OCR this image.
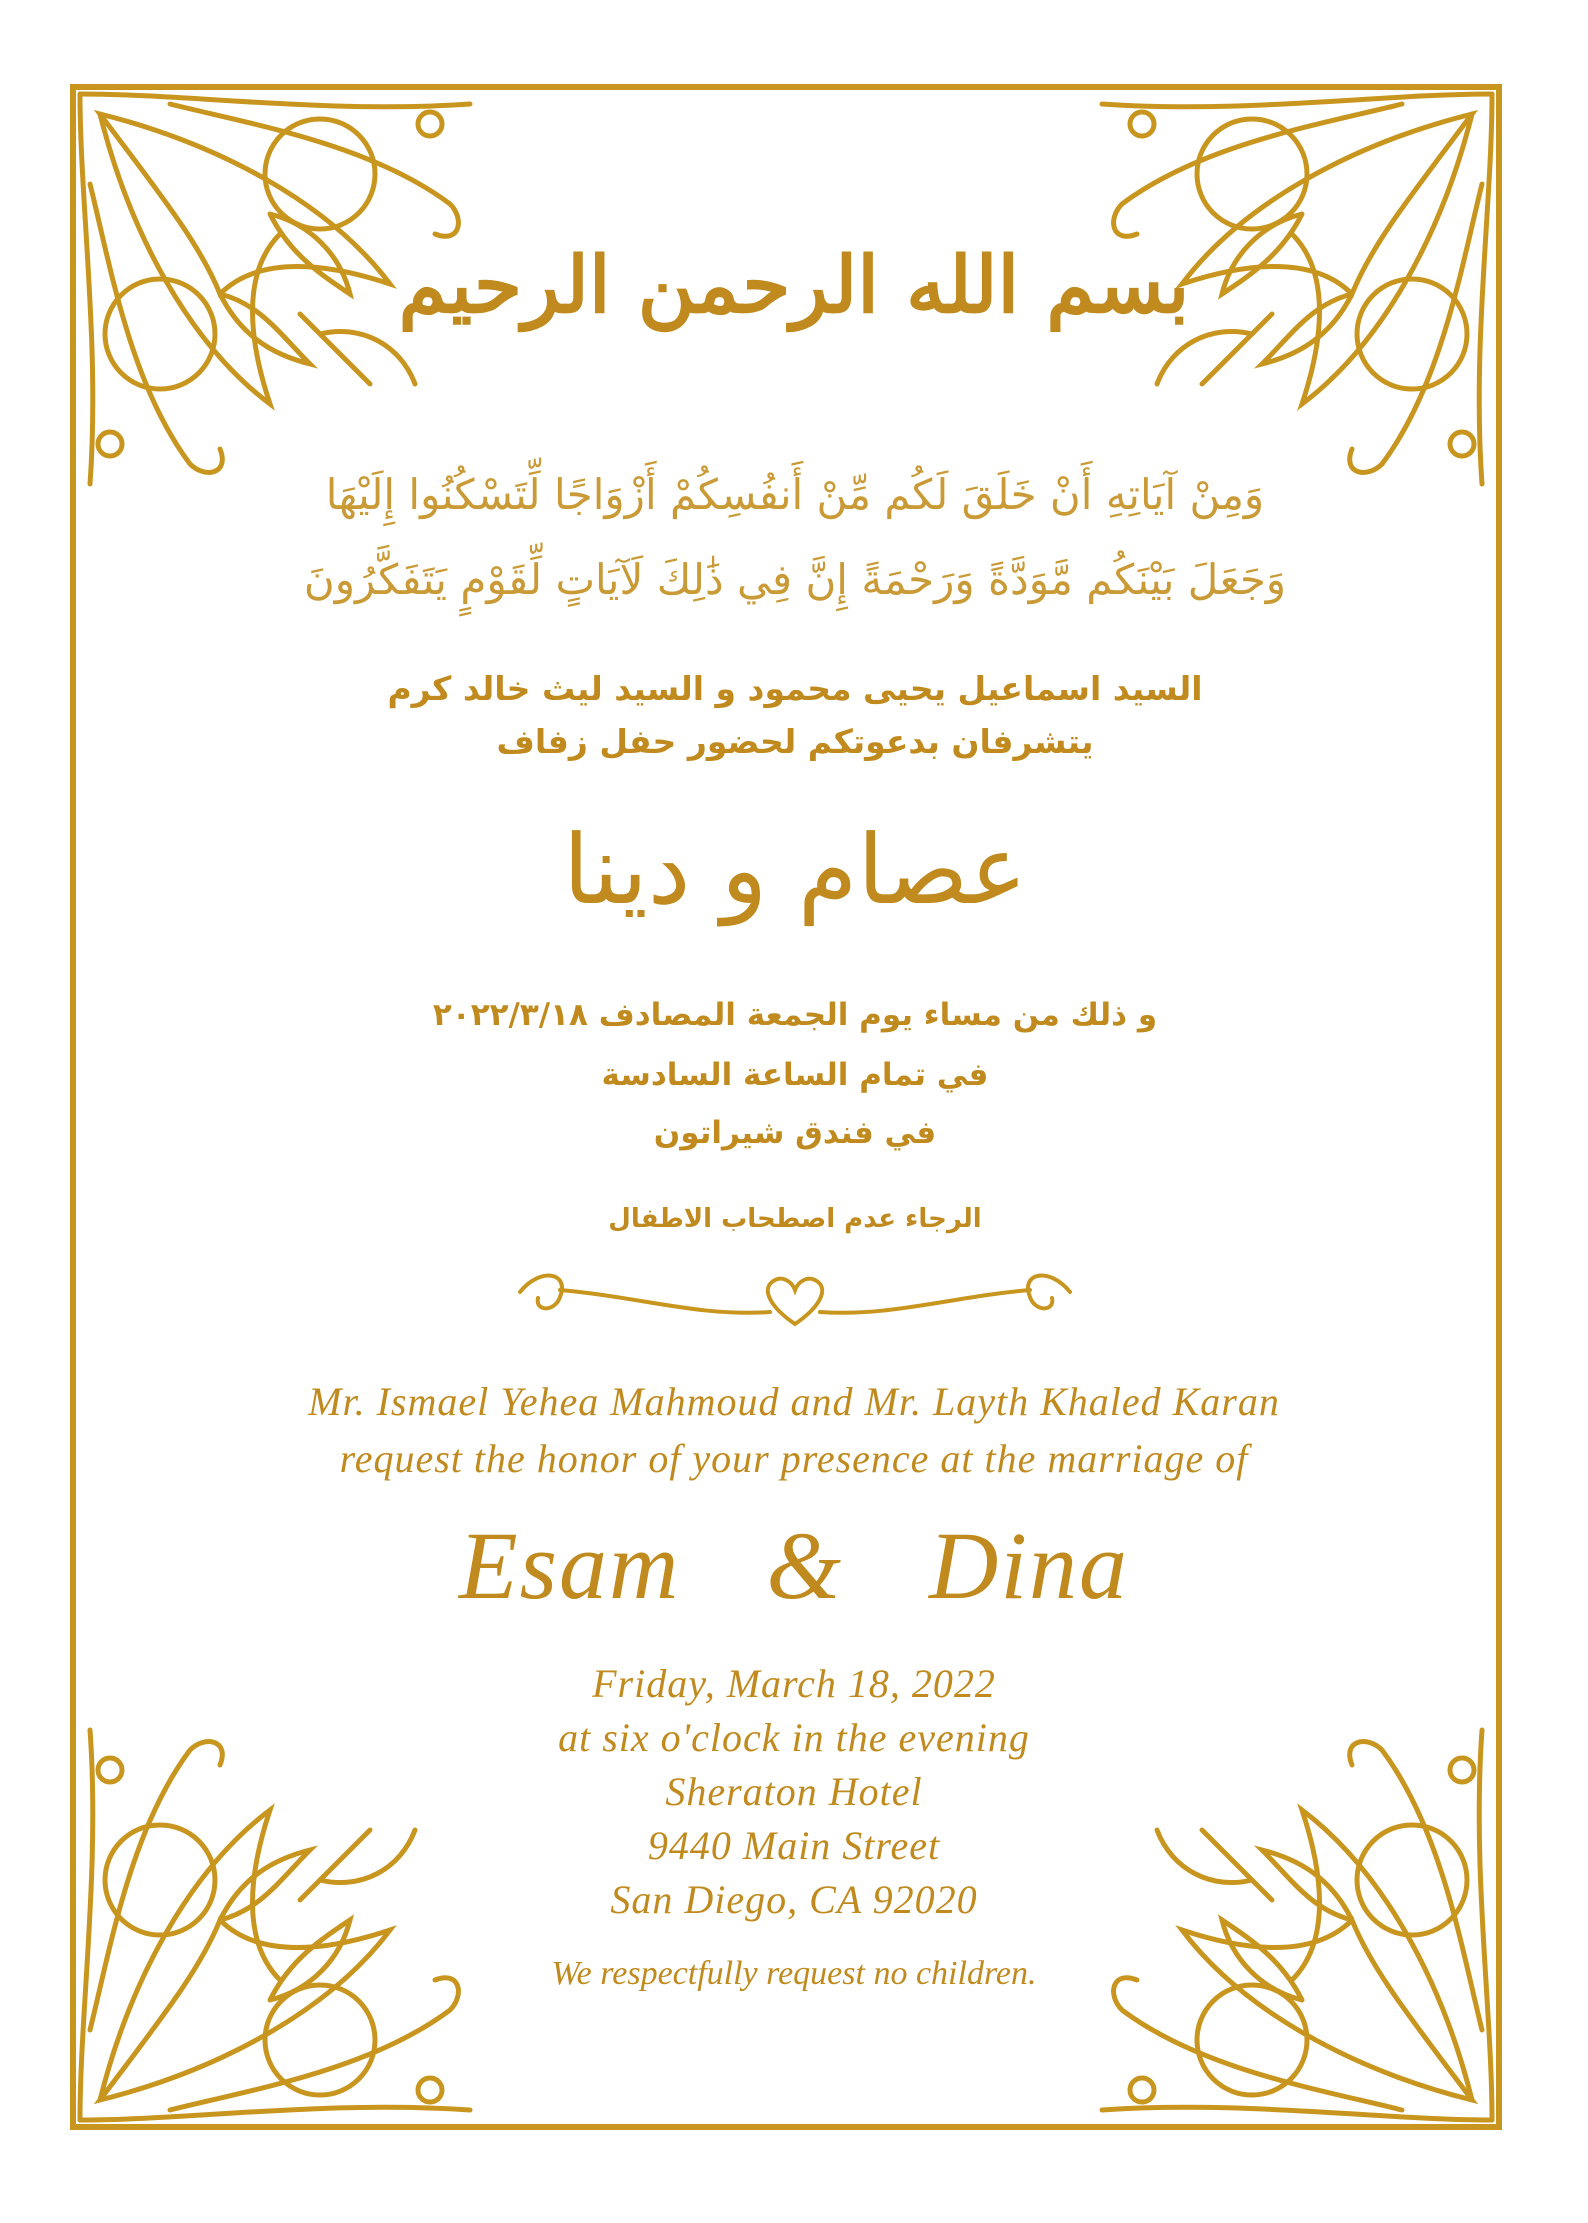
بسم الله الرحمن الرحيم
وَمِنْ آيَاتِهِ أَنْ خَلَقَ لَكُم مِّنْ أَنفُسِكُمْ أَزْوَاجًا لِّتَسْكُنُوا إِلَيْهَا
وَجَعَلَ بَيْنَكُم مَّوَدَّةً وَرَحْمَةً إِنَّ فِي ذَٰلِكَ لَآيَاتٍ لِّقَوْمٍ يَتَفَكَّرُونَ
السيد اسماعيل يحيى محمود و السيد ليث خالد كرم
يتشرفان بدعوتكم لحضور حفل زفاف
عصام و دينا
و ذلك من مساء يوم الجمعة المصادف ٢٠٢٢/٣/١٨
في تمام الساعة السادسة
في فندق شيراتون
الرجاء عدم اصطحاب الاطفال
Mr. Ismael Yehea Mahmoud and Mr. Layth Khaled Karan
request the honor of your presence at the marriage of
Esam & Dina
Friday, March 18, 2022
at six o'clock in the evening
Sheraton Hotel
9440 Main Street
San Diego, CA 92020
We respectfully request no children.
